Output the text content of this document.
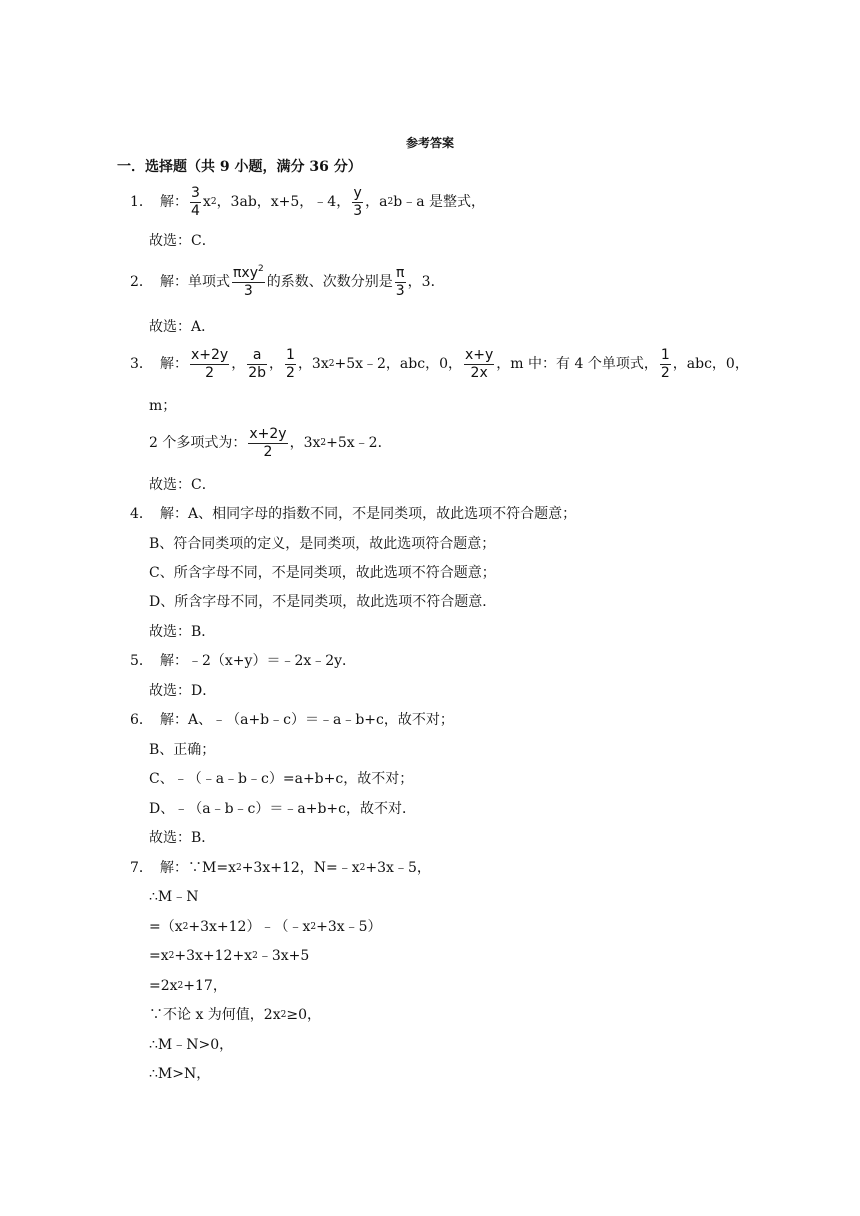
参考答案
一．选择题（共 9 小题，满分 36 分）
1． 解： $\frac{3}{4}$ x 2 ，3ab，x+5，﹣4， $\frac{y}{3}$ ，a 2 b﹣a 是整式，
故选：C．
2． 解：单项式 $\frac{\pi xy^2}{3}$ 的系数、次数分别是 $\frac{\pi}{3}$ ，3．
故选：A．
3． 解： $\frac{x+2y}{2}$ ， $\frac{a}{2b}$ ， $\frac{1}{2}$ ，3x 2 +5x﹣2，abc，0， $\frac{x+y}{2x}$ ，m 中：有 4 个单项式， $\frac{1}{2}$ ，abc，0，
m；
2 个多项式为： $\frac{x+2y}{2}$ ，3x 2 +5x﹣2．
故选：C．
4． 解：A、相同字母的指数不同，不是同类项，故此选项不符合题意；
B、符合同类项的定义，是同类项，故此选项符合题意；
C、所含字母不同，不是同类项，故此选项不符合题意；
D、所含字母不同，不是同类项，故此选项不符合题意．
故选：B．
5． 解：﹣2（x+y）＝﹣2x﹣2y．
故选：D．
6． 解：A、﹣（a+b﹣c）＝﹣a﹣b+c，故不对；
B、正确；
C、﹣（﹣a﹣b﹣c）=a+b+c，故不对；
D、﹣（a﹣b﹣c）＝﹣a+b+c，故不对．
故选：B．
7． 解：∵M=x 2 +3x+12，N=﹣x 2 +3x﹣5，
∴M﹣N
=（x 2 +3x+12）﹣（﹣x 2 +3x﹣5）
=x 2 +3x+12+x 2 ﹣3x+5
=2x 2 +17，
∵不论 x 为何值，2x 2 ≥0，
∴M﹣N>0，
∴M>N，
